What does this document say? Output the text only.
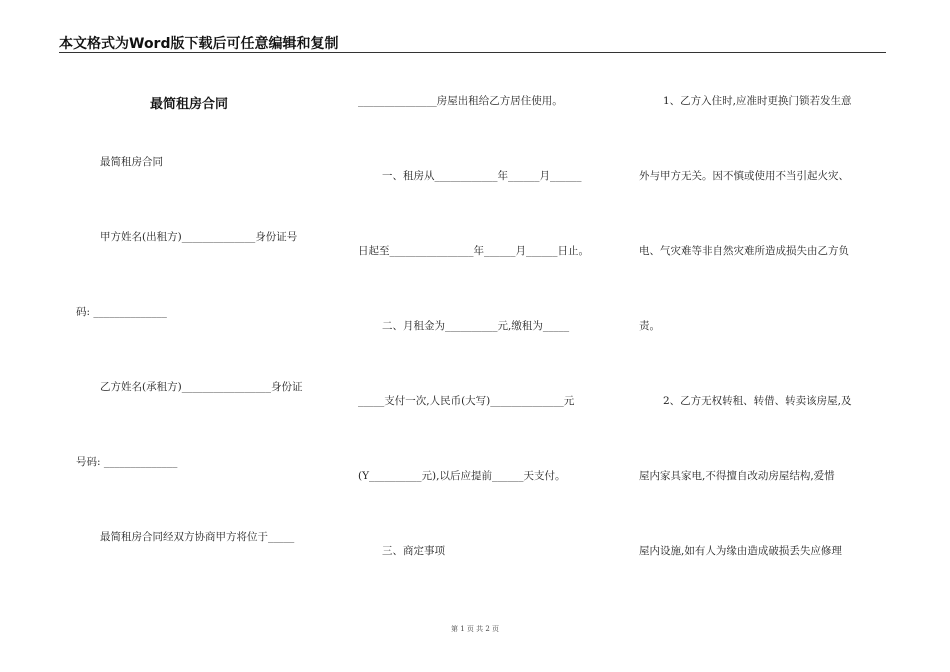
本文格式为Word版下载后可任意编辑和复制
最简租房合同
最简租房合同
甲方姓名(出租方)______________身份证号
码: ______________
乙方姓名(承租方)_________________身份证
号码: ______________
最简租房合同经双方协商甲方将位于_____
_______________房屋出租给乙方居住使用。
一、租房从____________年______月______
日起至________________年______月______日止。
二、月租金为__________元,缴租为_____
_____支付一次,人民币(大写)______________元
(Y__________元),以后应提前______天支付。
三、商定事项
1、乙方入住时,应准时更换门锁若发生意
外与甲方无关。因不慎或使用不当引起火灾、
电、气灾难等非自然灾难所造成损失由乙方负
责。
2、乙方无权转租、转借、转卖该房屋,及
屋内家具家电,不得擅自改动房屋结构,爱惜
屋内设施,如有人为缘由造成破损丢失应修理
第 1 页 共 2 页
